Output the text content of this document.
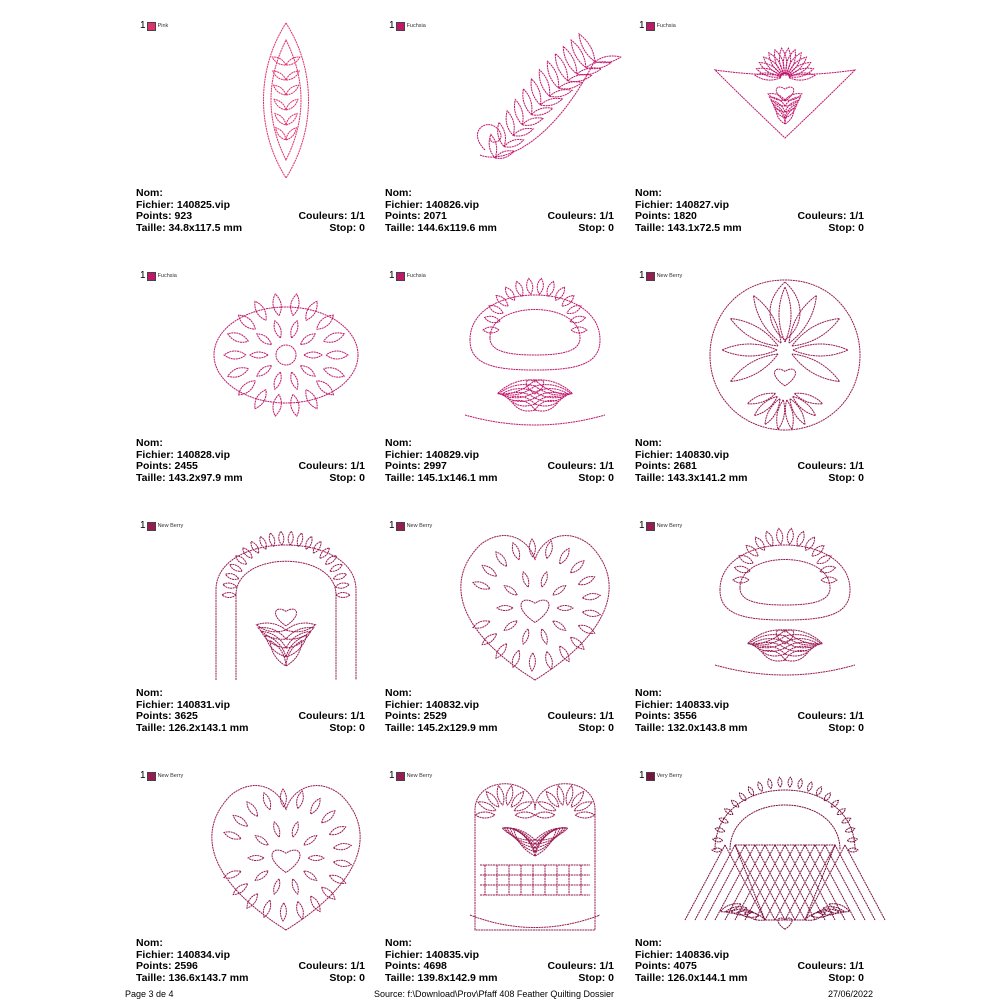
1 Pink
Nom:
Fichier: 140825.vip
Points: 923	Couleurs: 1/1
Taille: 34.8x117.5 mm	Stop: 0
1 Fuchsia
Nom:
Fichier: 140826.vip
Points: 2071	Couleurs: 1/1
Taille: 144.6x119.6 mm	Stop: 0
1 Fuchsia
Nom:
Fichier: 140827.vip
Points: 1820	Couleurs: 1/1
Taille: 143.1x72.5 mm	Stop: 0
1 Fuchsia
Nom:
Fichier: 140828.vip
Points: 2455	Couleurs: 1/1
Taille: 143.2x97.9 mm	Stop: 0
1 Fuchsia
Nom:
Fichier: 140829.vip
Points: 2997	Couleurs: 1/1
Taille: 145.1x146.1 mm	Stop: 0
1 New Berry
Nom:
Fichier: 140830.vip
Points: 2681	Couleurs: 1/1
Taille: 143.3x141.2 mm	Stop: 0
1 New Berry
Nom:
Fichier: 140831.vip
Points: 3625	Couleurs: 1/1
Taille: 126.2x143.1 mm	Stop: 0
1 New Berry
Nom:
Fichier: 140832.vip
Points: 2529	Couleurs: 1/1
Taille: 145.2x129.9 mm	Stop: 0
1 New Berry
Nom:
Fichier: 140833.vip
Points: 3556	Couleurs: 1/1
Taille: 132.0x143.8 mm	Stop: 0
1 New Berry
Nom:
Fichier: 140834.vip
Points: 2596	Couleurs: 1/1
Taille: 136.6x143.7 mm	Stop: 0
1 New Berry
Nom:
Fichier: 140835.vip
Points: 4698	Couleurs: 1/1
Taille: 139.8x142.9 mm	Stop: 0
1 Very Berry
Nom:
Fichier: 140836.vip
Points: 4075	Couleurs: 1/1
Taille: 126.0x144.1 mm	Stop: 0
Page 3 de 4	Source: f:\Download\Prov\Pfaff 408 Feather Quilting Dossier	27/06/2022
